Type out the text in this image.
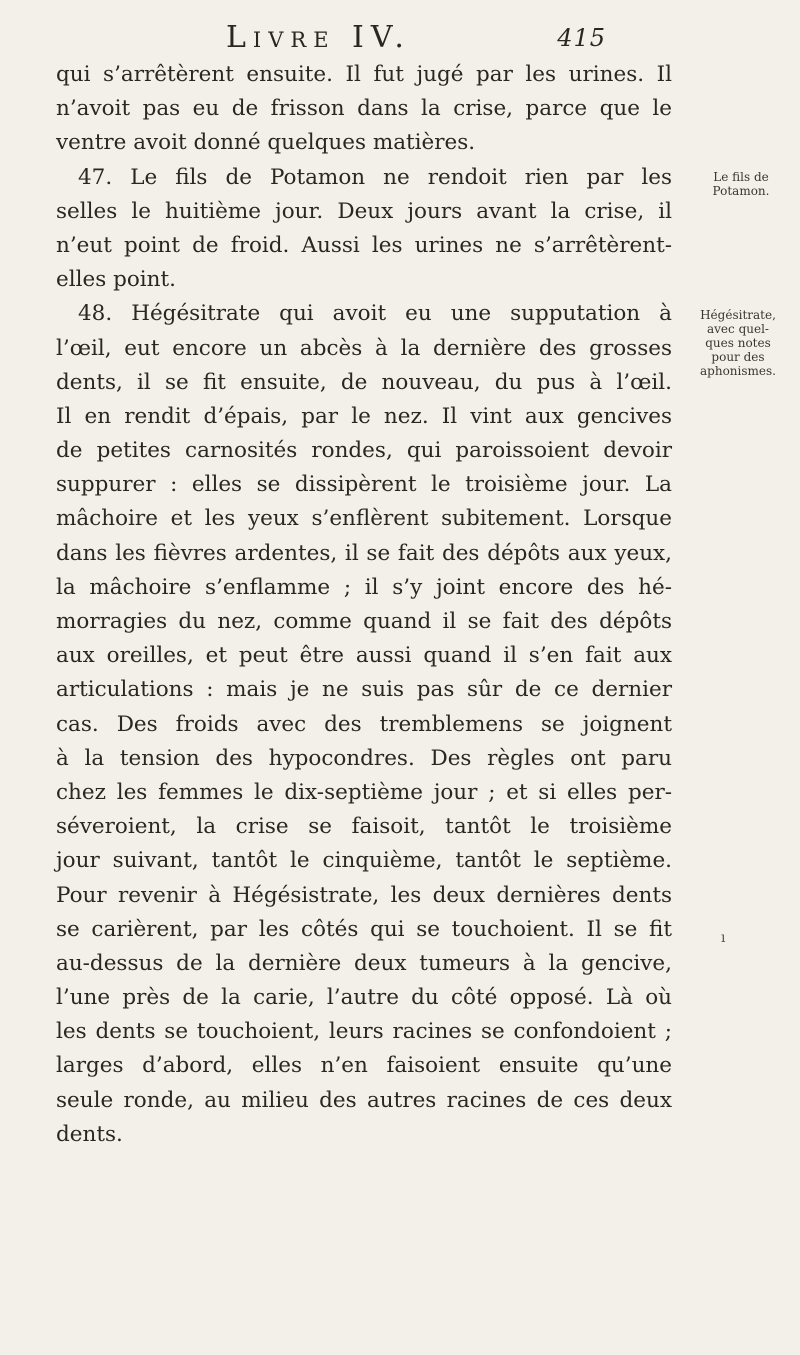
Livre IV.	415
qui s’arrêtèrent ensuite. Il fut jugé par les urines. Il
n’avoit pas eu de frisson dans la crise, parce que le
ventre avoit donné quelques matières.
47. Le fils de Potamon ne rendoit rien par les
selles le huitième jour. Deux jours avant la crise, il
n’eut point de froid. Aussi les urines ne s’arrêtèrent-
elles point.
48. Hégésitrate qui avoit eu une supputation à
l’œil, eut encore un abcès à la dernière des grosses
dents, il se fit ensuite, de nouveau, du pus à l’œil.
Il en rendit d’épais, par le nez. Il vint aux gencives
de petites carnosités rondes, qui paroissoient devoir
suppurer : elles se dissipèrent le troisième jour. La
mâchoire et les yeux s’enflèrent subitement. Lorsque
dans les fièvres ardentes, il se fait des dépôts aux yeux,
la mâchoire s’enflamme ; il s’y joint encore des hé-
morragies du nez, comme quand il se fait des dépôts
aux oreilles, et peut être aussi quand il s’en fait aux
articulations : mais je ne suis pas sûr de ce dernier
cas. Des froids avec des tremblemens se joignent
à la tension des hypocondres. Des règles ont paru
chez les femmes le dix-septième jour ; et si elles per-
séveroient, la crise se faisoit, tantôt le troisième
jour suivant, tantôt le cinquième, tantôt le septième.
Pour revenir à Hégésistrate, les deux dernières dents
se carièrent, par les côtés qui se touchoient. Il se fit
au-dessus de la dernière deux tumeurs à la gencive,
l’une près de la carie, l’autre du côté opposé. Là où
les dents se touchoient, leurs racines se confondoient ;
larges d’abord, elles n’en faisoient ensuite qu’une
seule ronde, au milieu des autres racines de ces deux
dents.
Le fils de
Potamon.
Hégésitrate,
avec quel-
ques notes
pour des
aphonismes.
ı
